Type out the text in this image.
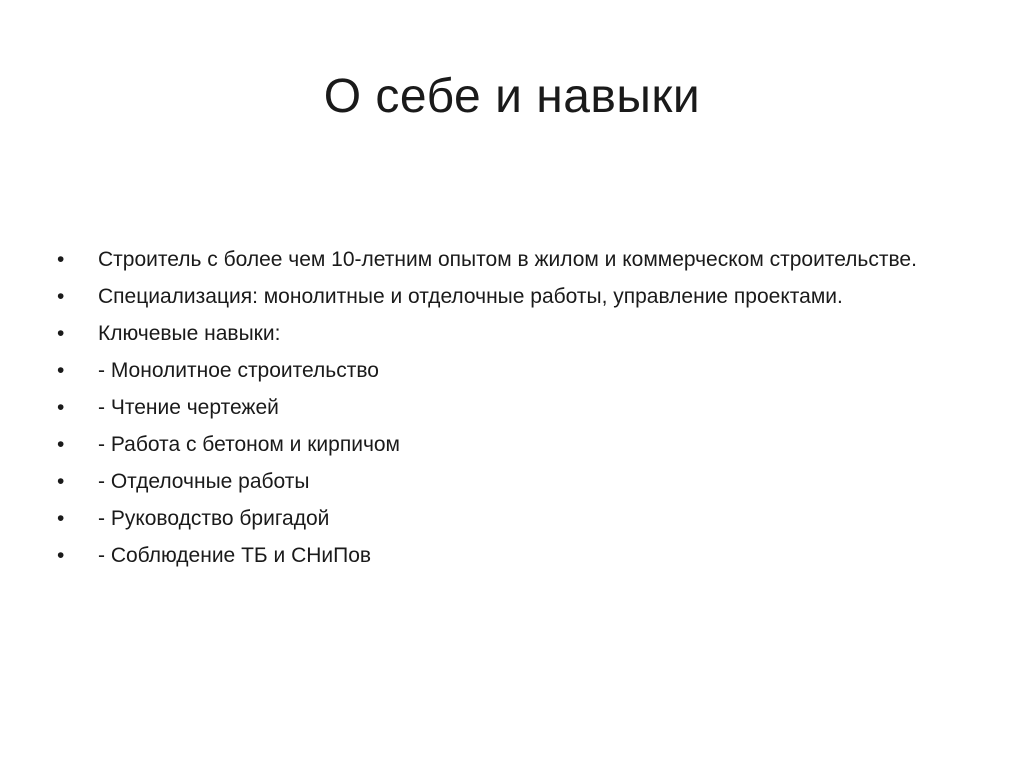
О себе и навыки
•	Строитель с более чем 10-летним опытом в жилом и коммерческом строительстве.
•	Специализация: монолитные и отделочные работы, управление проектами.
•	Ключевые навыки:
•	- Монолитное строительство
•	- Чтение чертежей
•	- Работа с бетоном и кирпичом
•	- Отделочные работы
•	- Руководство бригадой
•	- Соблюдение ТБ и СНиПов
